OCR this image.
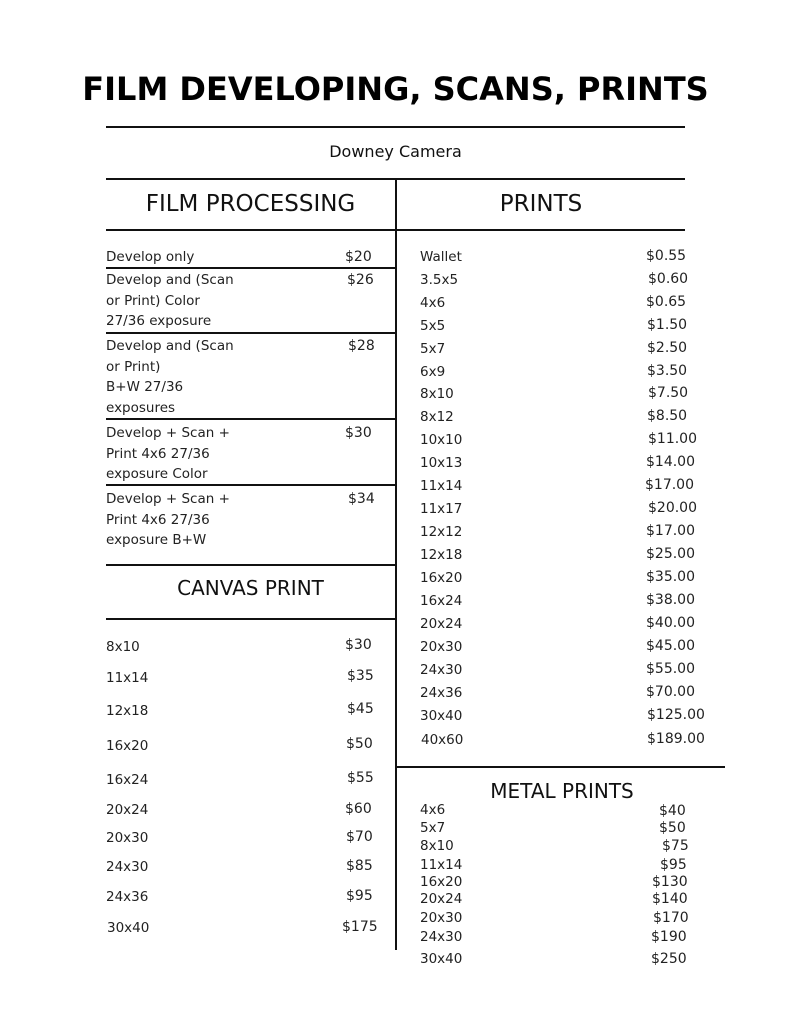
FILM DEVELOPING, SCANS, PRINTS
Downey Camera
FILM PROCESSING	PRINTS
Develop only	$20
Develop and (Scan
or Print) Color
27/36 exposure
$26
Develop and (Scan
or Print)
B+W 27/36
exposures
$28
Develop + Scan +
Print 4x6 27/36
exposure Color
$30
Develop + Scan +
Print 4x6 27/36
exposure B+W
$34
CANVAS PRINT
8x10	$30
11x14	$35
12x18	$45
16x20	$50
16x24	$55
20x24	$60
20x30	$70
24x30	$85
24x36	$95
30x40	$175
Wallet	$0.55
3.5x5	$0.60
4x6	$0.65
5x5	$1.50
5x7	$2.50
6x9	$3.50
8x10	$7.50
8x12	$8.50
10x10	$11.00
10x13	$14.00
11x14	$17.00
11x17	$20.00
12x12	$17.00
12x18	$25.00
16x20	$35.00
16x24	$38.00
20x24	$40.00
20x30	$45.00
24x30	$55.00
24x36	$70.00
30x40	$125.00
40x60	$189.00
METAL PRINTS
4x6	$40
5x7	$50
8x10	$75
11x14	$95
16x20	$130
20x24	$140
20x30	$170
24x30	$190
30x40	$250
